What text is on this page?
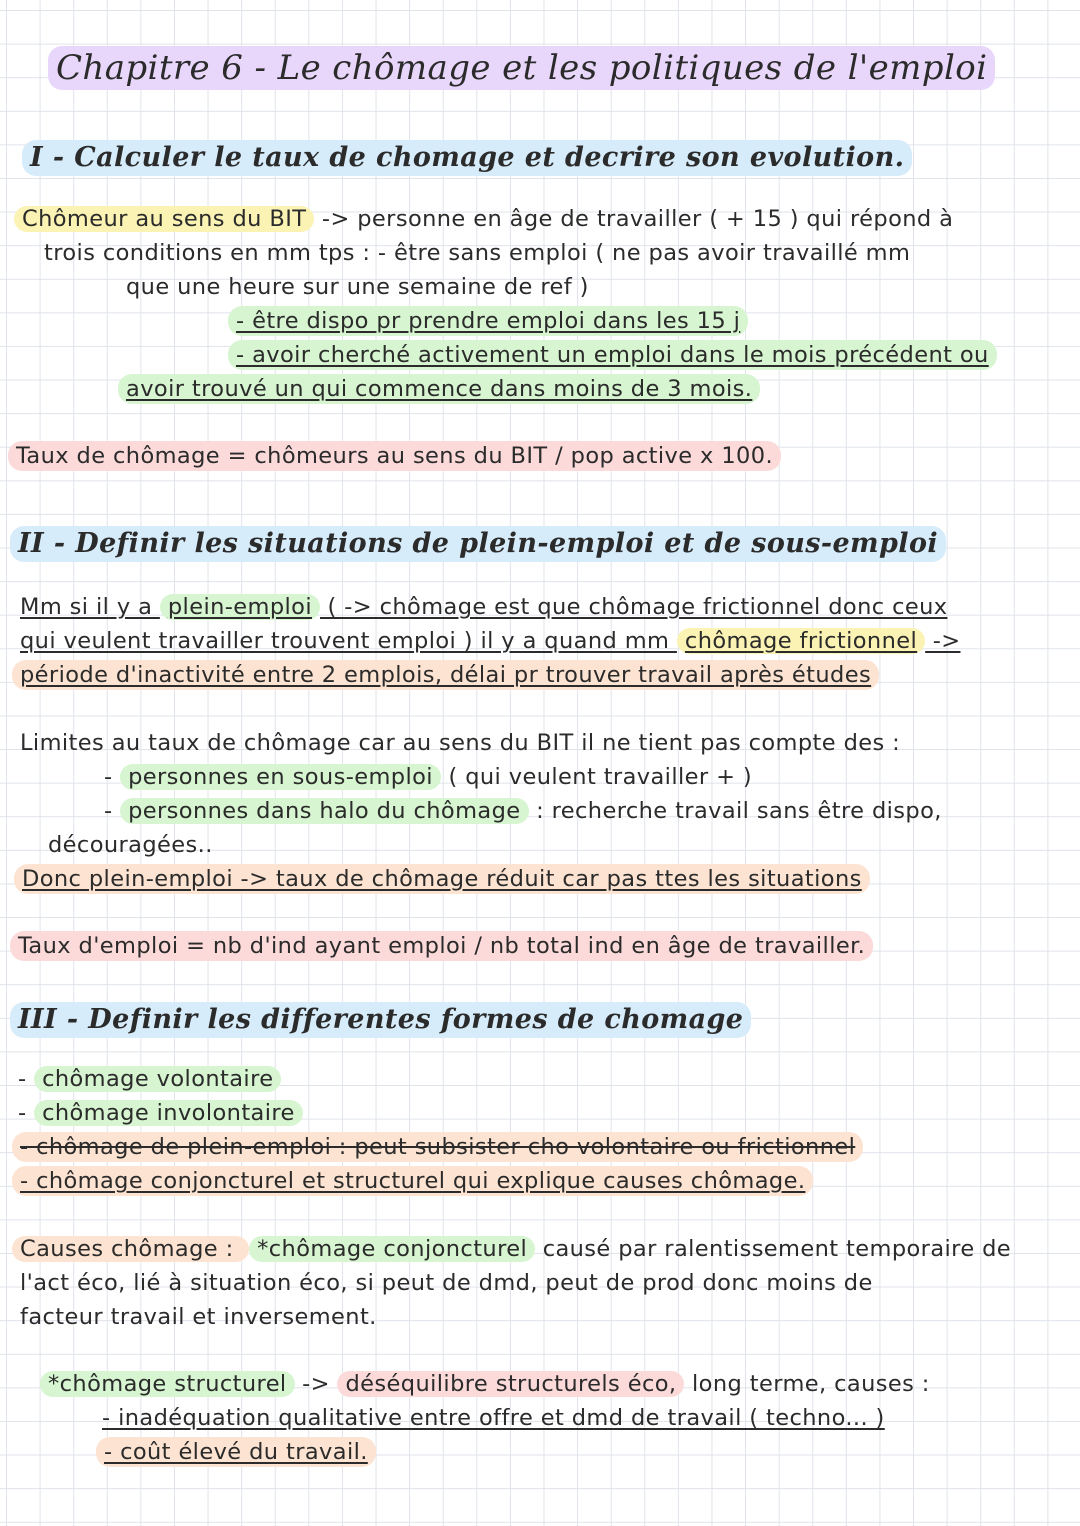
Chapitre 6 - Le chômage et les politiques de l'emploi
I - Calculer le taux de chomage et decrire son evolution.
Chômeur au sens du BIT -> personne en âge de travailler ( + 15 ) qui répond à
trois conditions en mm tps : - être sans emploi ( ne pas avoir travaillé mm
que une heure sur une semaine de ref )
- être dispo pr prendre emploi dans les 15 j
- avoir cherché activement un emploi dans le mois précédent ou
avoir trouvé un qui commence dans moins de 3 mois.
Taux de chômage = chômeurs au sens du BIT / pop active x 100.
II - Definir les situations de plein-emploi et de sous-emploi
Mm si il y a plein-emploi ( -> chômage est que chômage frictionnel donc ceux
qui veulent travailler trouvent emploi ) il y a quand mm chômage frictionnel ->
période d'inactivité entre 2 emplois, délai pr trouver travail après études
Limites au taux de chômage car au sens du BIT il ne tient pas compte des :
- personnes en sous-emploi ( qui veulent travailler + )
- personnes dans halo du chômage : recherche travail sans être dispo,
découragées..
Donc plein-emploi -> taux de chômage réduit car pas ttes les situations
Taux d'emploi = nb d'ind ayant emploi / nb total ind en âge de travailler.
III - Definir les differentes formes de chomage
- chômage volontaire
- chômage involontaire
- chômage de plein-emploi : peut subsister cho volontaire ou frictionnel
- chômage conjoncturel et structurel qui explique causes chômage.
Causes chômage : *chômage conjoncturel causé par ralentissement temporaire de
l'act éco, lié à situation éco, si peut de dmd, peut de prod donc moins de
facteur travail et inversement.
*chômage structurel -> déséquilibre structurels éco, long terme, causes :
- inadéquation qualitative entre offre et dmd de travail ( techno... )
- coût élevé du travail.
